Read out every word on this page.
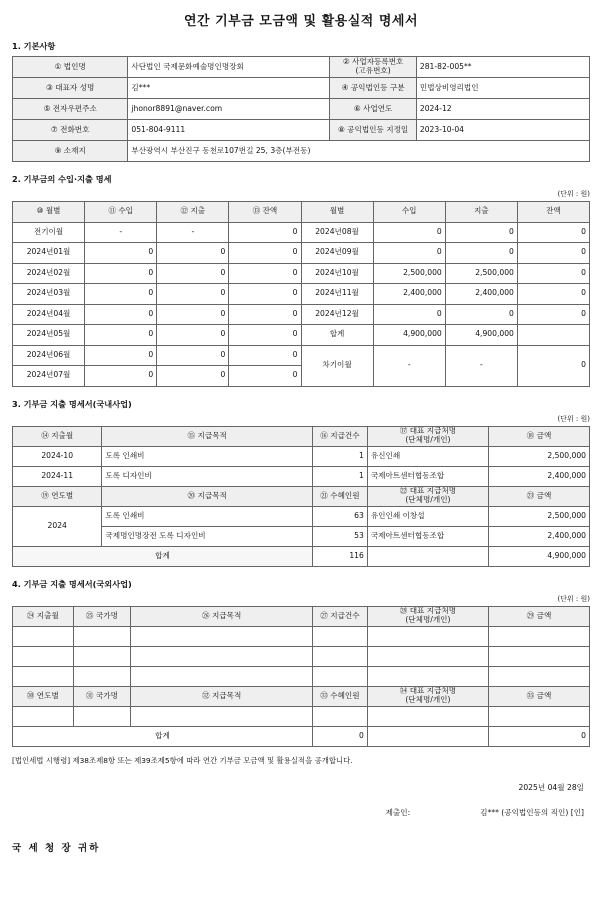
연간 기부금 모금액 및 활용실적 명세서
1. 기본사항
① 법인명	사단법인 국제문화예술명인명장회	② 사업자등록번호
(고유번호)	281-82-005**
③ 대표자 성명	김***	④ 공익법인등 구분	민법상비영리법인
⑤ 전자우편주소	jhonor8891@naver.com	⑥ 사업연도	2024-12
⑦ 전화번호	051-804-9111	⑧ 공익법인등 지정일	2023-10-04
⑨ 소재지	부산광역시 부산진구 동천로107번길 25, 3층(부전동)		
2. 기부금의 수입·지출 명세
(단위 : 원)
⑩ 월별	⑪ 수입	⑫ 지출	⑬ 잔액	월별	수입	지출	잔액
전기이월	-	-	0	2024년08월	0	0	0
2024년01월	0	0	0	2024년09월	0	0	0
2024년02월	0	0	0	2024년10월	2,500,000	2,500,000	0
2024년03월	0	0	0	2024년11월	2,400,000	2,400,000	0
2024년04월	0	0	0	2024년12월	0	0	0
2024년05월	0	0	0	합계	4,900,000	4,900,000	
2024년06월	0	0	0	차기이월	-	-	0
2024년07월	0	0	0				
3. 기부금 지출 명세서(국내사업)
(단위 : 원)
⑭ 지출월	⑮ 지급목적	⑯ 지급건수	⑰ 대표 지급처명
(단체명/개인)	⑱ 금액
2024-10	도록 인쇄비	1	유신인쇄	2,500,000
2024-11	도록 디자인비	1	국제아트센터협동조합	2,400,000
⑲ 연도별	⑳ 지급목적	㉑ 수혜인원	㉒ 대표 지급처명
(단체명/개인)	㉓ 금액
2024	도록 인쇄비	63	유인인쇄 이창섭	2,500,000
	국제명인명장전 도록 디자인비	53	국제아트센터협동조합	2,400,000
합계		116		4,900,000
4. 기부금 지출 명세서(국외사업)
(단위 : 원)
㉔ 지출월	㉕ 국가명	㉖ 지급목적	㉗ 지급건수	㉘ 대표 지급처명
(단체명/개인)	㉙ 금액

㉚ 연도별	㉛ 국가명	㉜ 지급목적	㉝ 수혜인원	㉞ 대표 지급처명
(단체명/개인)	㉟ 금액

합계			0		0
[법인세법 시행령] 제38조제8항 또는 제39조제5항에 따라 연간 기부금 모금액 및 활용실적을 공개합니다.
2025년 04월 28일
제출인:	김*** (공익법인등의 직인) [인]
국 세 청 장 귀하
